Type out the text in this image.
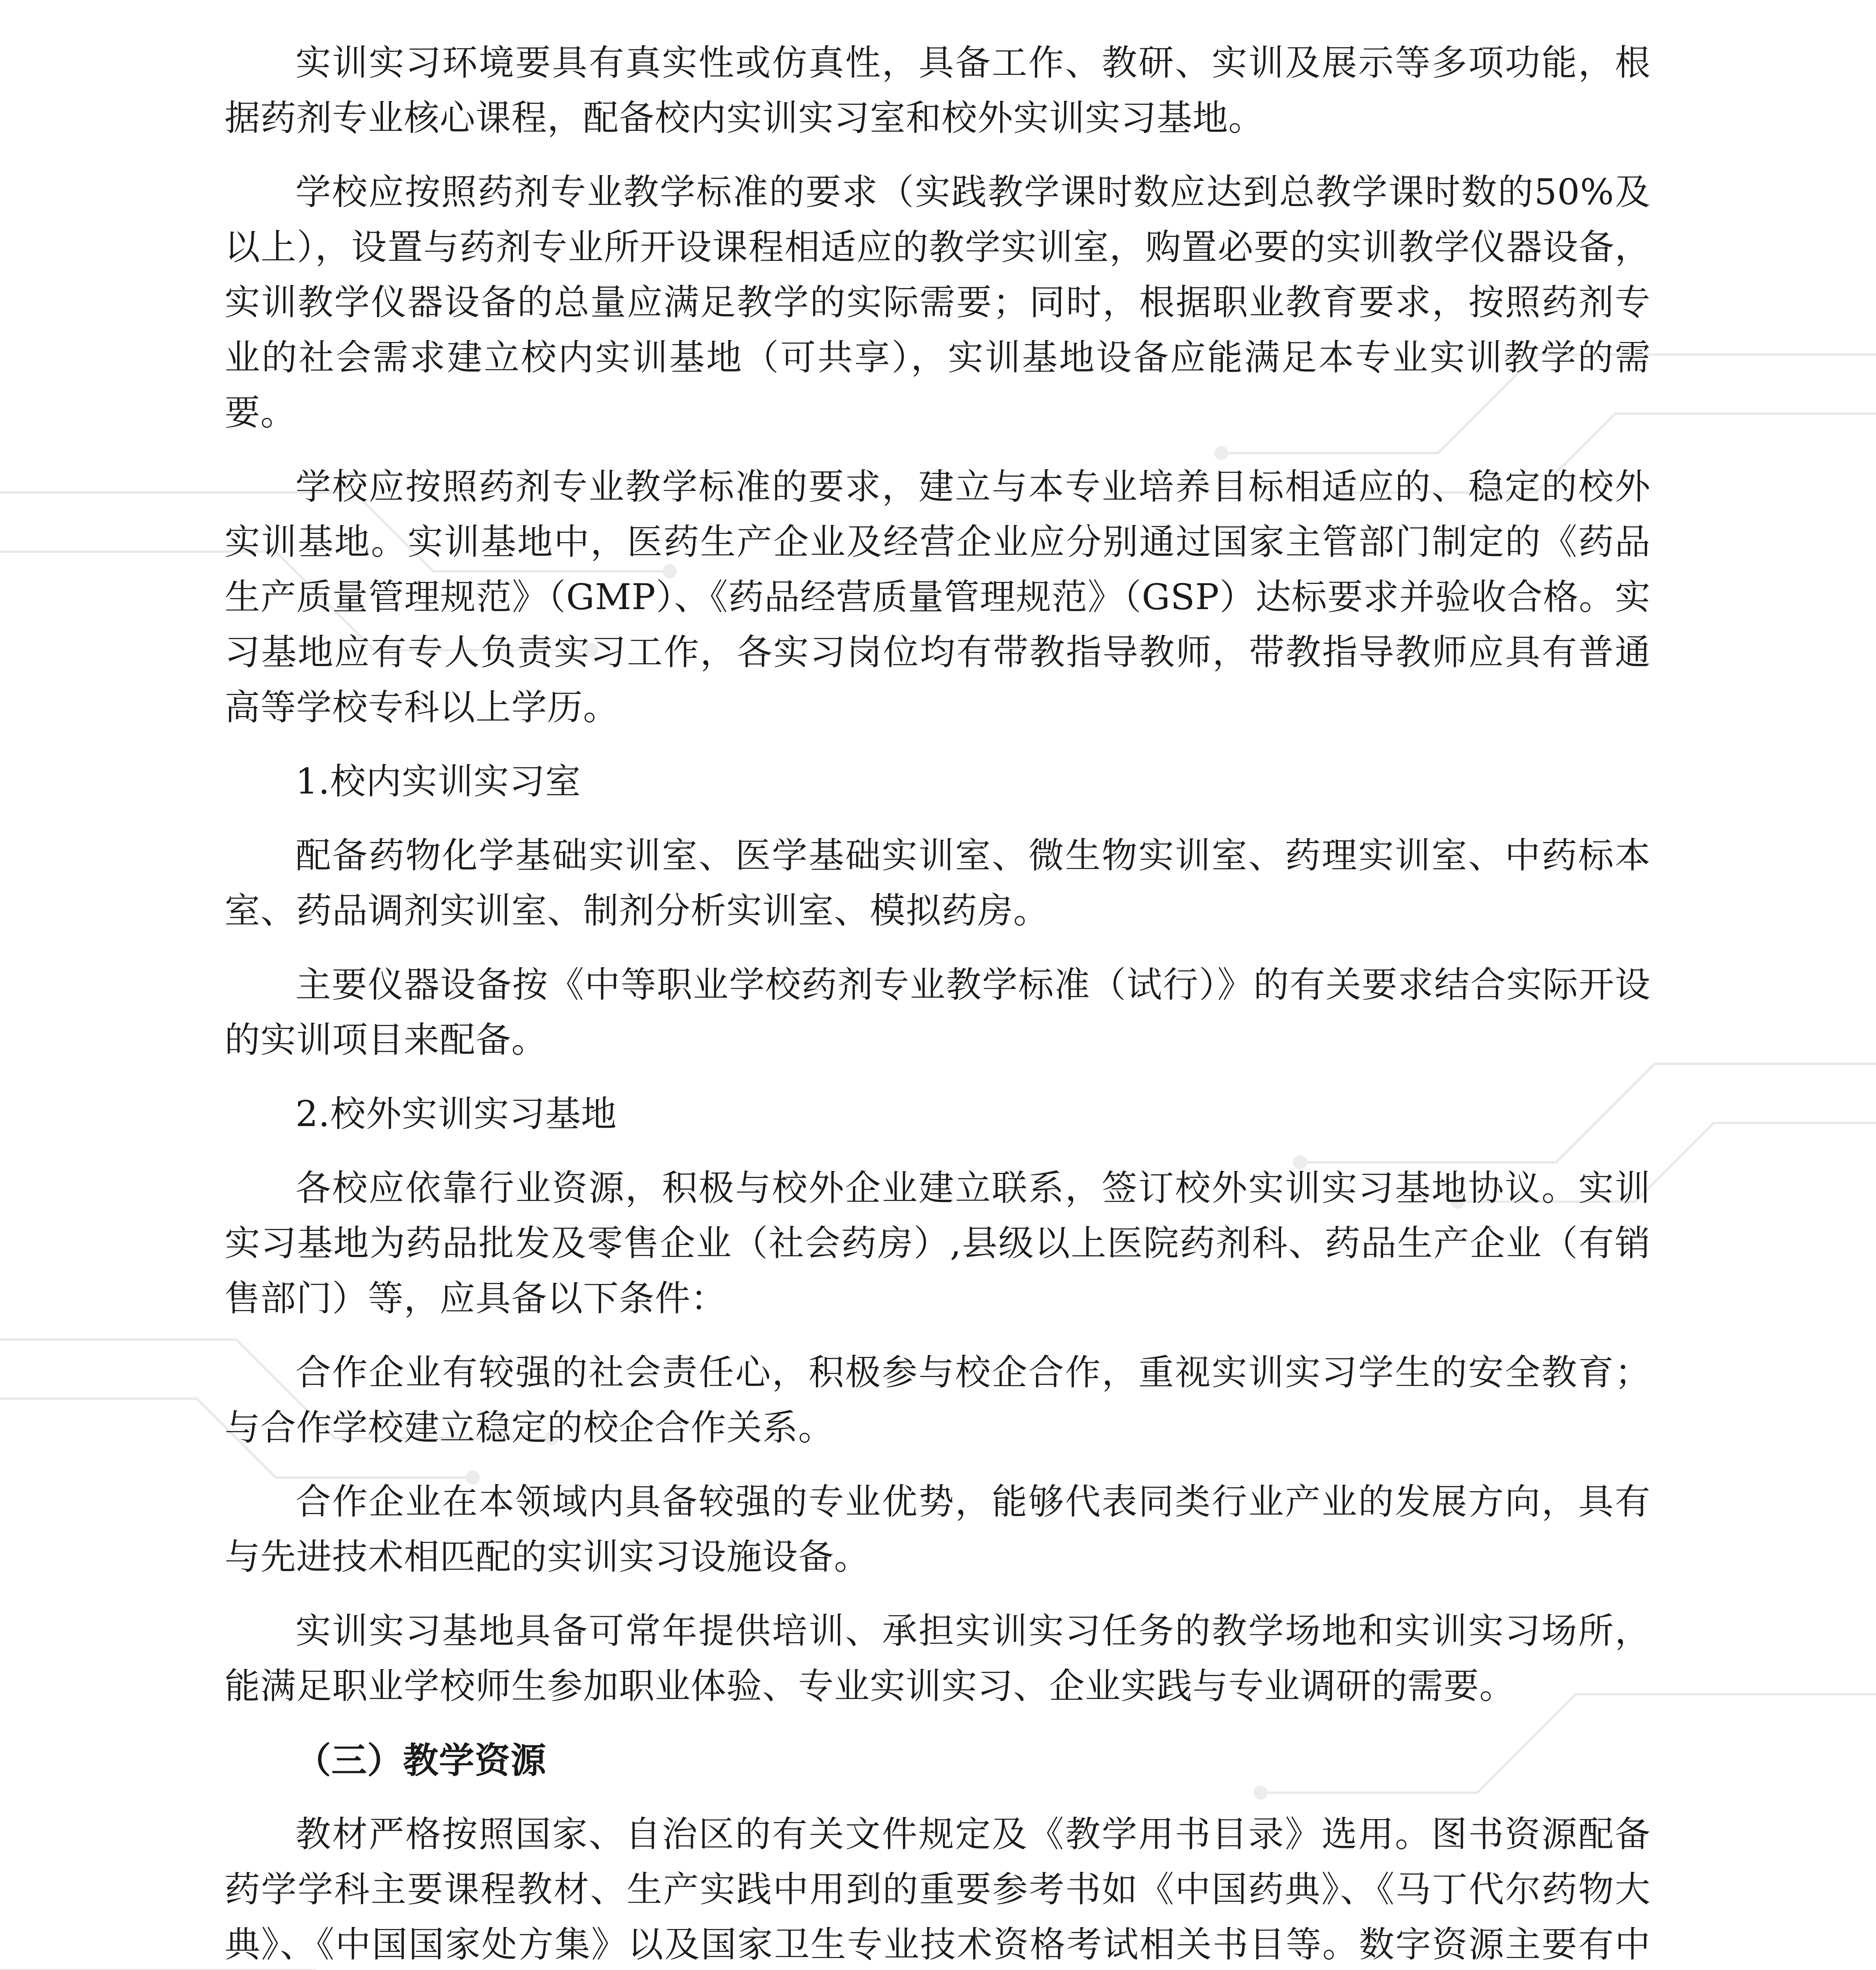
实训实习环境要具有真实性或仿真性，具备工作、教研、实训及展示等多项功能，根据药剂专业核心课程，配备校内实训实习室和校外实训实习基地。

学校应按照药剂专业教学标准的要求（实践教学课时数应达到总教学课时数的50%及以上），设置与药剂专业所开设课程相适应的教学实训室，购置必要的实训教学仪器设备，实训教学仪器设备的总量应满足教学的实际需要；同时，根据职业教育要求，按照药剂专业的社会需求建立校内实训基地（可共享），实训基地设备应能满足本专业实训教学的需要。

学校应按照药剂专业教学标准的要求，建立与本专业培养目标相适应的、稳定的校外实训基地。实训基地中，医药生产企业及经营企业应分别通过国家主管部门制定的《药品生产质量管理规范》（GMP）、《药品经营质量管理规范》（GSP）达标要求并验收合格。实习基地应有专人负责实习工作，各实习岗位均有带教指导教师，带教指导教师应具有普通高等学校专科以上学历。

1.校内实训实习室

配备药物化学基础实训室、医学基础实训室、微生物实训室、药理实训室、中药标本室、药品调剂实训室、制剂分析实训室、模拟药房。

主要仪器设备按《中等职业学校药剂专业教学标准（试行）》的有关要求结合实际开设的实训项目来配备。

2.校外实训实习基地

各校应依靠行业资源，积极与校外企业建立联系，签订校外实训实习基地协议。实训实习基地为药品批发及零售企业（社会药房）,县级以上医院药剂科、药品生产企业（有销售部门）等，应具备以下条件：

合作企业有较强的社会责任心，积极参与校企合作，重视实训实习学生的安全教育；与合作学校建立稳定的校企合作关系。

合作企业在本领域内具备较强的专业优势，能够代表同类行业产业的发展方向，具有与先进技术相匹配的实训实习设施设备。

实训实习基地具备可常年提供培训、承担实训实习任务的教学场地和实训实习场所，能满足职业学校师生参加职业体验、专业实训实习、企业实践与专业调研的需要。

（三）教学资源

教材严格按照国家、自治区的有关文件规定及《教学用书目录》选用。图书资源配备药学学科主要课程教材、生产实践中用到的重要参考书如《中国药典》、《马丁代尔药物大典》、《中国国家处方集》以及国家卫生专业技术资格考试相关书目等。数字资源主要有中
